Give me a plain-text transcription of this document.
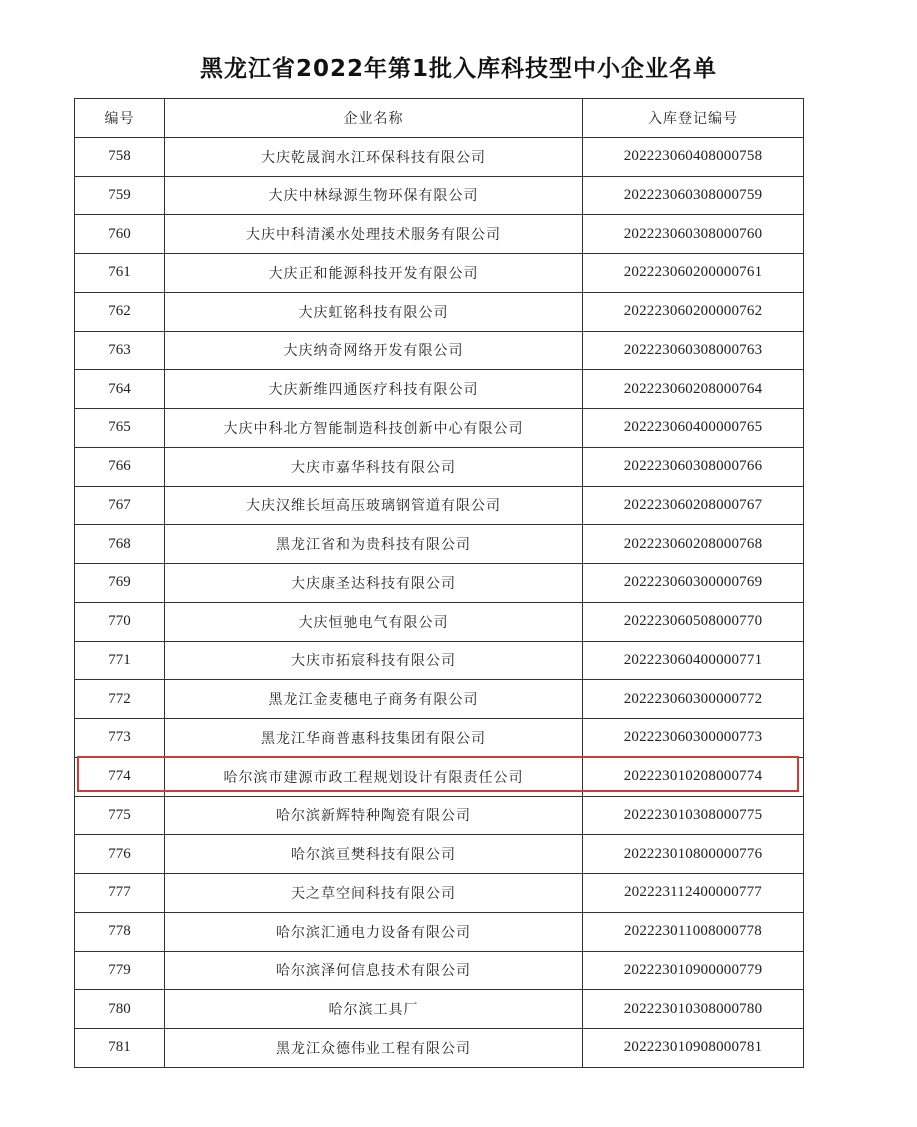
黑龙江省2022年第1批入库科技型中小企业名单
编号	企业名称	入库登记编号
758	大庆乾晟润水江环保科技有限公司	202223060408000758
759	大庆中林绿源生物环保有限公司	202223060308000759
760	大庆中科清溪水处理技术服务有限公司	202223060308000760
761	大庆正和能源科技开发有限公司	202223060200000761
762	大庆虹铭科技有限公司	202223060200000762
763	大庆纳奇网络开发有限公司	202223060308000763
764	大庆新维四通医疗科技有限公司	202223060208000764
765	大庆中科北方智能制造科技创新中心有限公司	202223060400000765
766	大庆市嘉华科技有限公司	202223060308000766
767	大庆汉维长垣高压玻璃钢管道有限公司	202223060208000767
768	黑龙江省和为贵科技有限公司	202223060208000768
769	大庆康圣达科技有限公司	202223060300000769
770	大庆恒驰电气有限公司	202223060508000770
771	大庆市拓宸科技有限公司	202223060400000771
772	黑龙江金麦穗电子商务有限公司	202223060300000772
773	黑龙江华商普惠科技集团有限公司	202223060300000773
774	哈尔滨市建源市政工程规划设计有限责任公司	202223010208000774
775	哈尔滨新辉特种陶瓷有限公司	202223010308000775
776	哈尔滨亘樊科技有限公司	202223010800000776
777	天之草空间科技有限公司	202223112400000777
778	哈尔滨汇通电力设备有限公司	202223011008000778
779	哈尔滨泽何信息技术有限公司	202223010900000779
780	哈尔滨工具厂	202223010308000780
781	黑龙江众德伟业工程有限公司	202223010908000781
